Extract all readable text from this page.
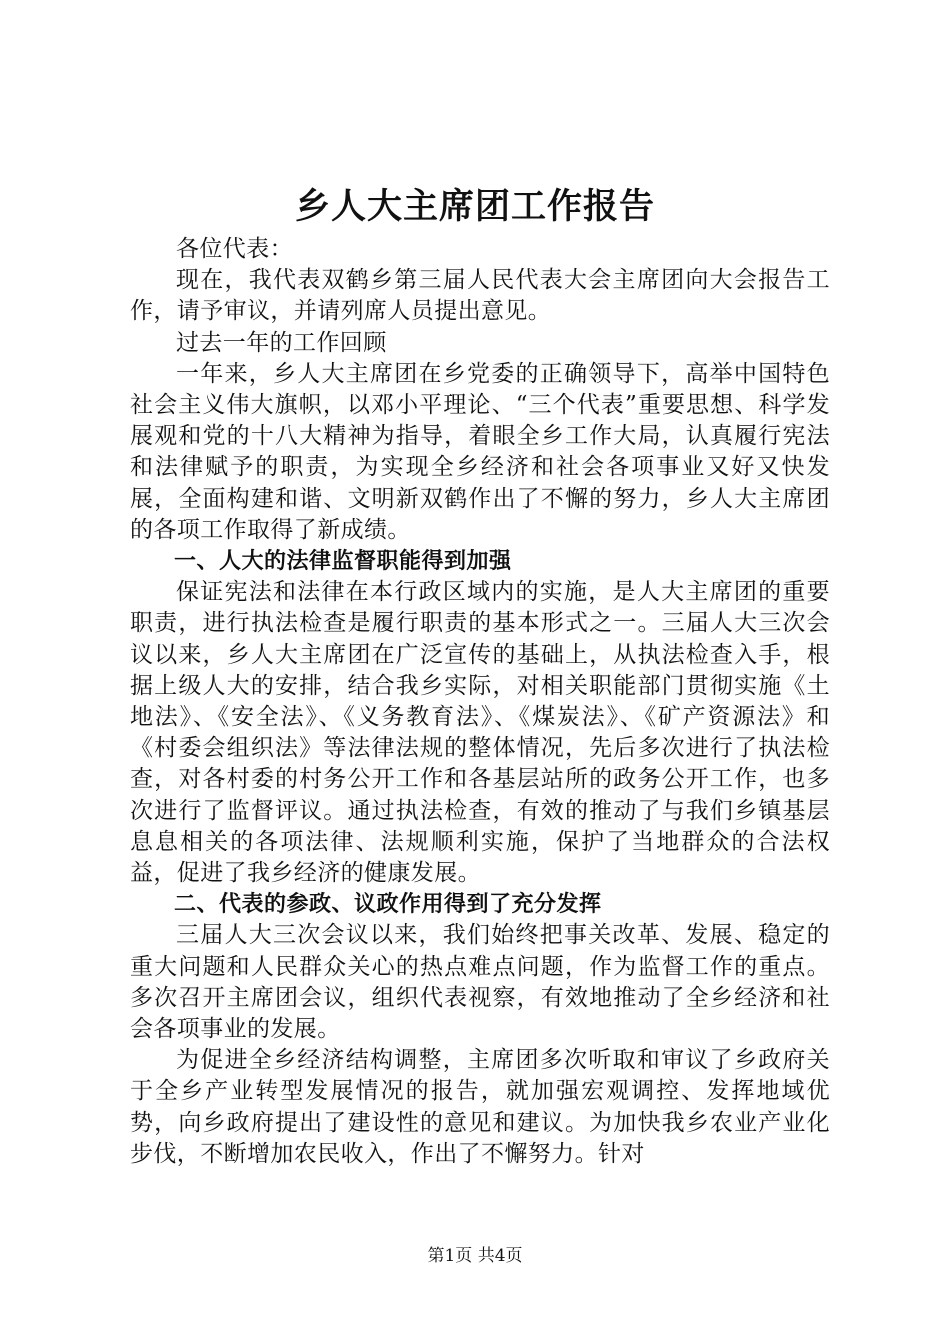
乡人大主席团工作报告

各位代表：

现在，我代表双鹤乡第三届人民代表大会主席团向大会报告工作，请予审议，并请列席人员提出意见。

过去一年的工作回顾

一年来，乡人大主席团在乡党委的正确领导下，高举中国特色社会主义伟大旗帜，以邓小平理论、“三个代表”重要思想、科学发展观和党的十八大精神为指导，着眼全乡工作大局，认真履行宪法和法律赋予的职责，为实现全乡经济和社会各项事业又好又快发展，全面构建和谐、文明新双鹤作出了不懈的努力，乡人大主席团的各项工作取得了新成绩。

一、人大的法律监督职能得到加强

保证宪法和法律在本行政区域内的实施，是人大主席团的重要职责，进行执法检查是履行职责的基本形式之一。三届人大三次会议以来，乡人大主席团在广泛宣传的基础上，从执法检查入手，根据上级人大的安排，结合我乡实际，对相关职能部门贯彻实施《土地法》、《安全法》、《义务教育法》、《煤炭法》、《矿产资源法》和《村委会组织法》等法律法规的整体情况，先后多次进行了执法检查，对各村委的村务公开工作和各基层站所的政务公开工作，也多次进行了监督评议。通过执法检查，有效的推动了与我们乡镇基层息息相关的各项法律、法规顺利实施，保护了当地群众的合法权益，促进了我乡经济的健康发展。

二、代表的参政、议政作用得到了充分发挥

三届人大三次会议以来，我们始终把事关改革、发展、稳定的重大问题和人民群众关心的热点难点问题，作为监督工作的重点。多次召开主席团会议，组织代表视察，有效地推动了全乡经济和社会各项事业的发展。

为促进全乡经济结构调整，主席团多次听取和审议了乡政府关于全乡产业转型发展情况的报告，就加强宏观调控、发挥地域优势，向乡政府提出了建设性的意见和建议。为加快我乡农业产业化步伐，不断增加农民收入，作出了不懈努力。针对

第1页 共4页
